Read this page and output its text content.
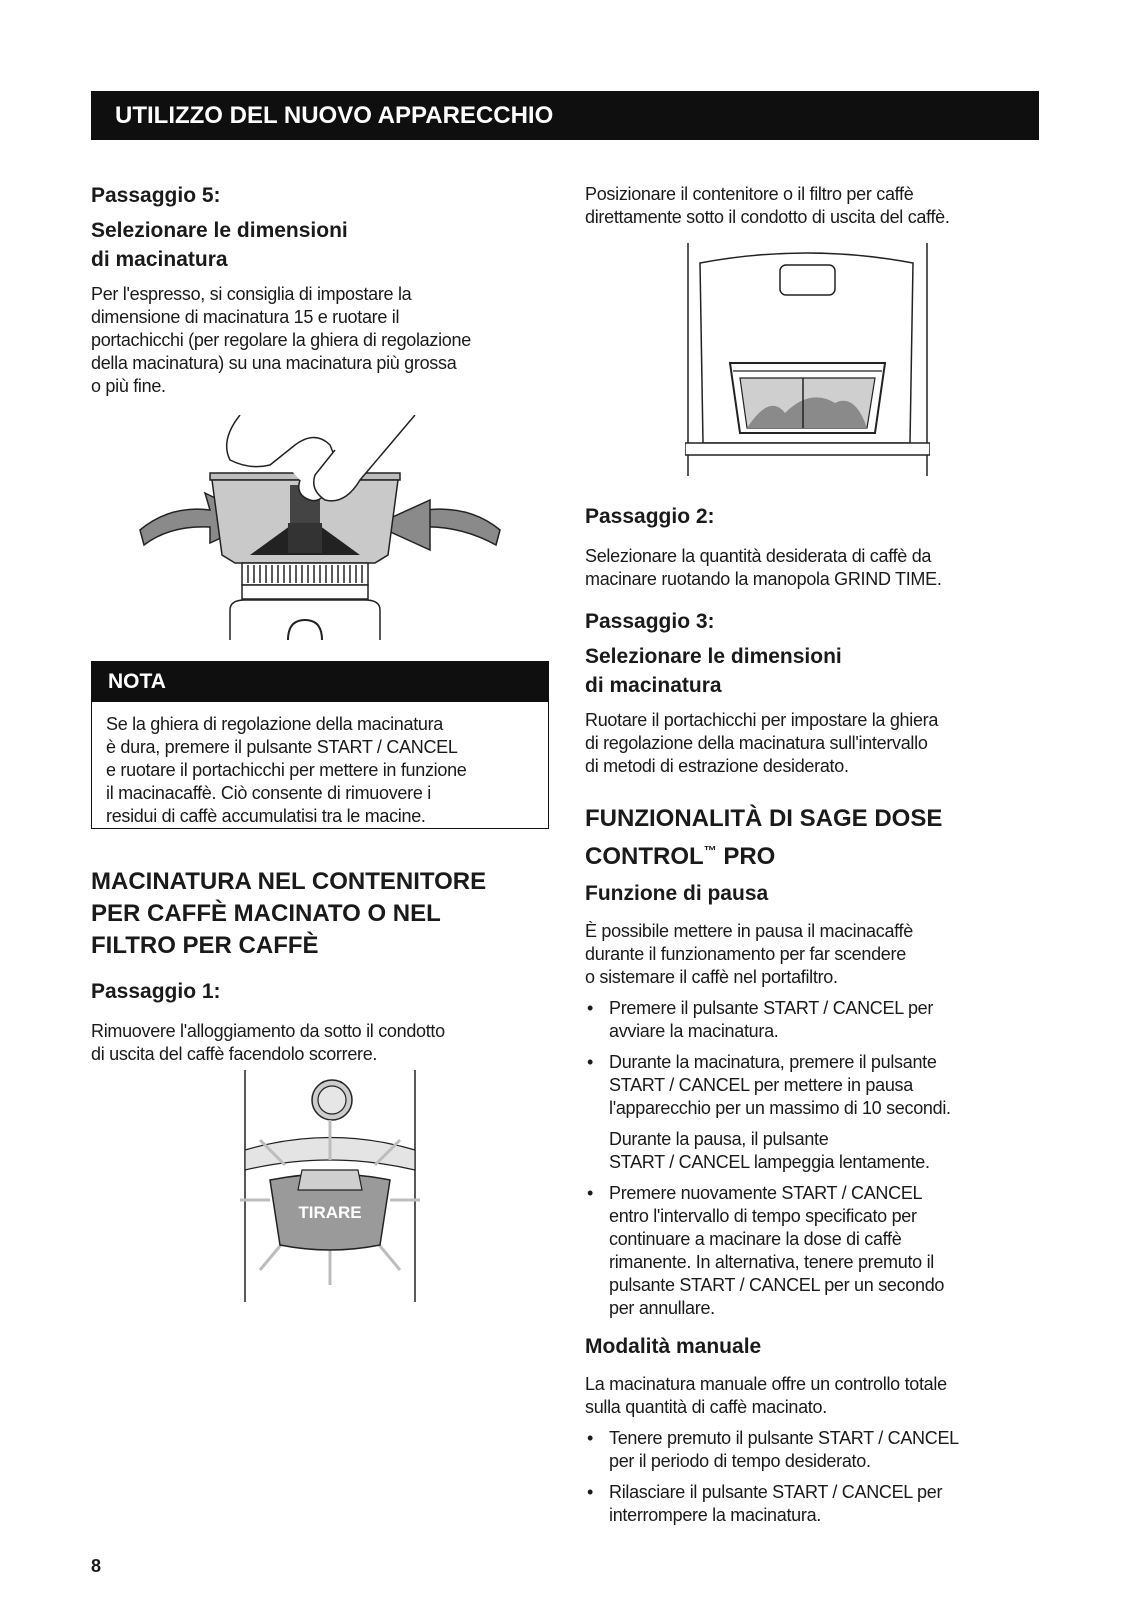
UTILIZZO DEL NUOVO APPARECCHIO
Passaggio 5:
Selezionare le dimensioni
di macinatura
Per l'espresso, si consiglia di impostare la
dimensione di macinatura 15 e ruotare il
portachicchi (per regolare la ghiera di regolazione
della macinatura) su una macinatura più grossa
o più fine.
NOTA
Se la ghiera di regolazione della macinatura
è dura, premere il pulsante START / CANCEL
e ruotare il portachicchi per mettere in funzione
il macinacaffè. Ciò consente di rimuovere i
residui di caffè accumulatisi tra le macine.
MACINATURA NEL CONTENITORE
PER CAFFÈ MACINATO O NEL
FILTRO PER CAFFÈ
Passaggio 1:
Rimuovere l'alloggiamento da sotto il condotto
di uscita del caffè facendolo scorrere.
TIRARE
Posizionare il contenitore o il filtro per caffè
direttamente sotto il condotto di uscita del caffè.
Passaggio 2:
Selezionare la quantità desiderata di caffè da
macinare ruotando la manopola GRIND TIME.
Passaggio 3:
Selezionare le dimensioni
di macinatura
Ruotare il portachicchi per impostare la ghiera
di regolazione della macinatura sull'intervallo
di metodi di estrazione desiderato.
FUNZIONALITÀ DI SAGE DOSE
CONTROL™ PRO
Funzione di pausa
È possibile mettere in pausa il macinacaffè
durante il funzionamento per far scendere
o sistemare il caffè nel portafiltro.
• Premere il pulsante START / CANCEL per
avviare la macinatura.
• Durante la macinatura, premere il pulsante
START / CANCEL per mettere in pausa
l'apparecchio per un massimo di 10 secondi.
Durante la pausa, il pulsante
START / CANCEL lampeggia lentamente.
• Premere nuovamente START / CANCEL
entro l'intervallo di tempo specificato per
continuare a macinare la dose di caffè
rimanente. In alternativa, tenere premuto il
pulsante START / CANCEL per un secondo
per annullare.
Modalità manuale
La macinatura manuale offre un controllo totale
sulla quantità di caffè macinato.
• Tenere premuto il pulsante START / CANCEL
per il periodo di tempo desiderato.
• Rilasciare il pulsante START / CANCEL per
interrompere la macinatura.
8
